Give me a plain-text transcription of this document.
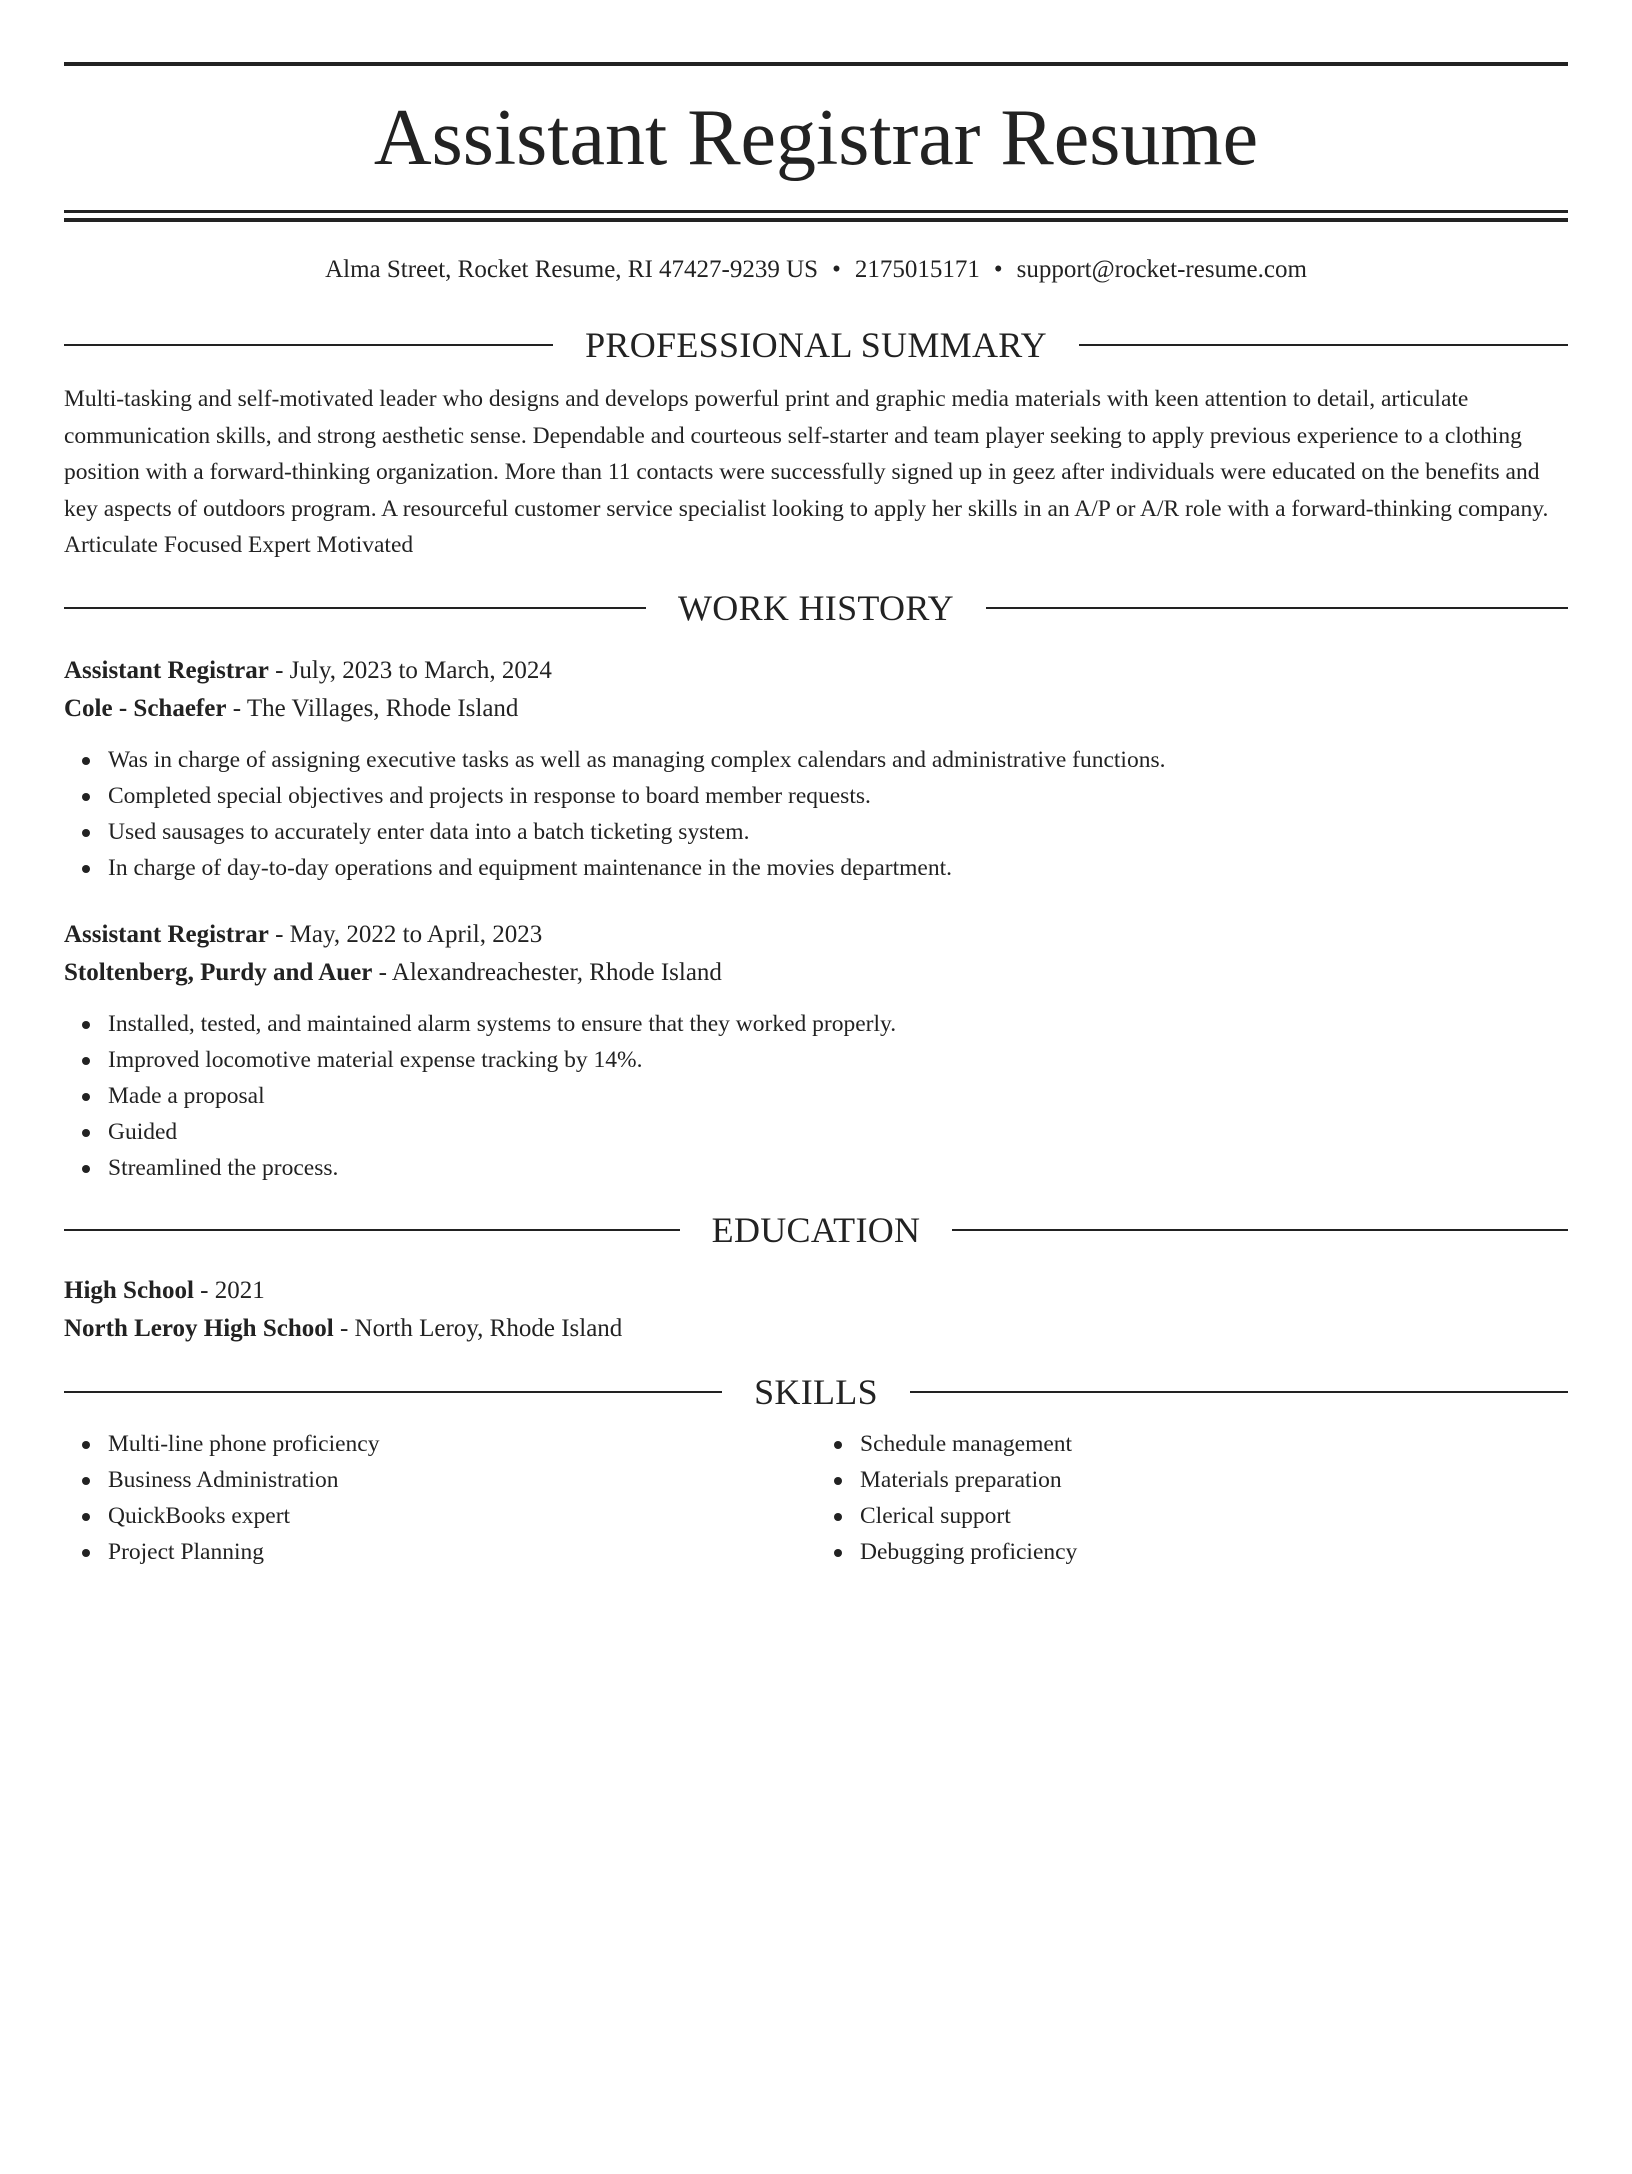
Assistant Registrar Resume
Alma Street, Rocket Resume, RI 47427-9239 US • 2175015171 • support@rocket-resume.com
PROFESSIONAL SUMMARY
Multi-tasking and self-motivated leader who designs and develops powerful print and graphic media materials with keen attention to detail, articulate communication skills, and strong aesthetic sense. Dependable and courteous self-starter and team player seeking to apply previous experience to a clothing position with a forward-thinking organization. More than 11 contacts were successfully signed up in geez after individuals were educated on the benefits and key aspects of outdoors program. A resourceful customer service specialist looking to apply her skills in an A/P or A/R role with a forward-thinking company. Articulate Focused Expert Motivated
WORK HISTORY
Assistant Registrar - July, 2023 to March, 2024
Cole - Schaefer - The Villages, Rhode Island
Was in charge of assigning executive tasks as well as managing complex calendars and administrative functions.
Completed special objectives and projects in response to board member requests.
Used sausages to accurately enter data into a batch ticketing system.
In charge of day-to-day operations and equipment maintenance in the movies department.
Assistant Registrar - May, 2022 to April, 2023
Stoltenberg, Purdy and Auer - Alexandreachester, Rhode Island
Installed, tested, and maintained alarm systems to ensure that they worked properly.
Improved locomotive material expense tracking by 14%.
Made a proposal
Guided
Streamlined the process.
EDUCATION
High School - 2021
North Leroy High School - North Leroy, Rhode Island
SKILLS
Multi-line phone proficiency
Business Administration
QuickBooks expert
Project Planning
Schedule management
Materials preparation
Clerical support
Debugging proficiency
